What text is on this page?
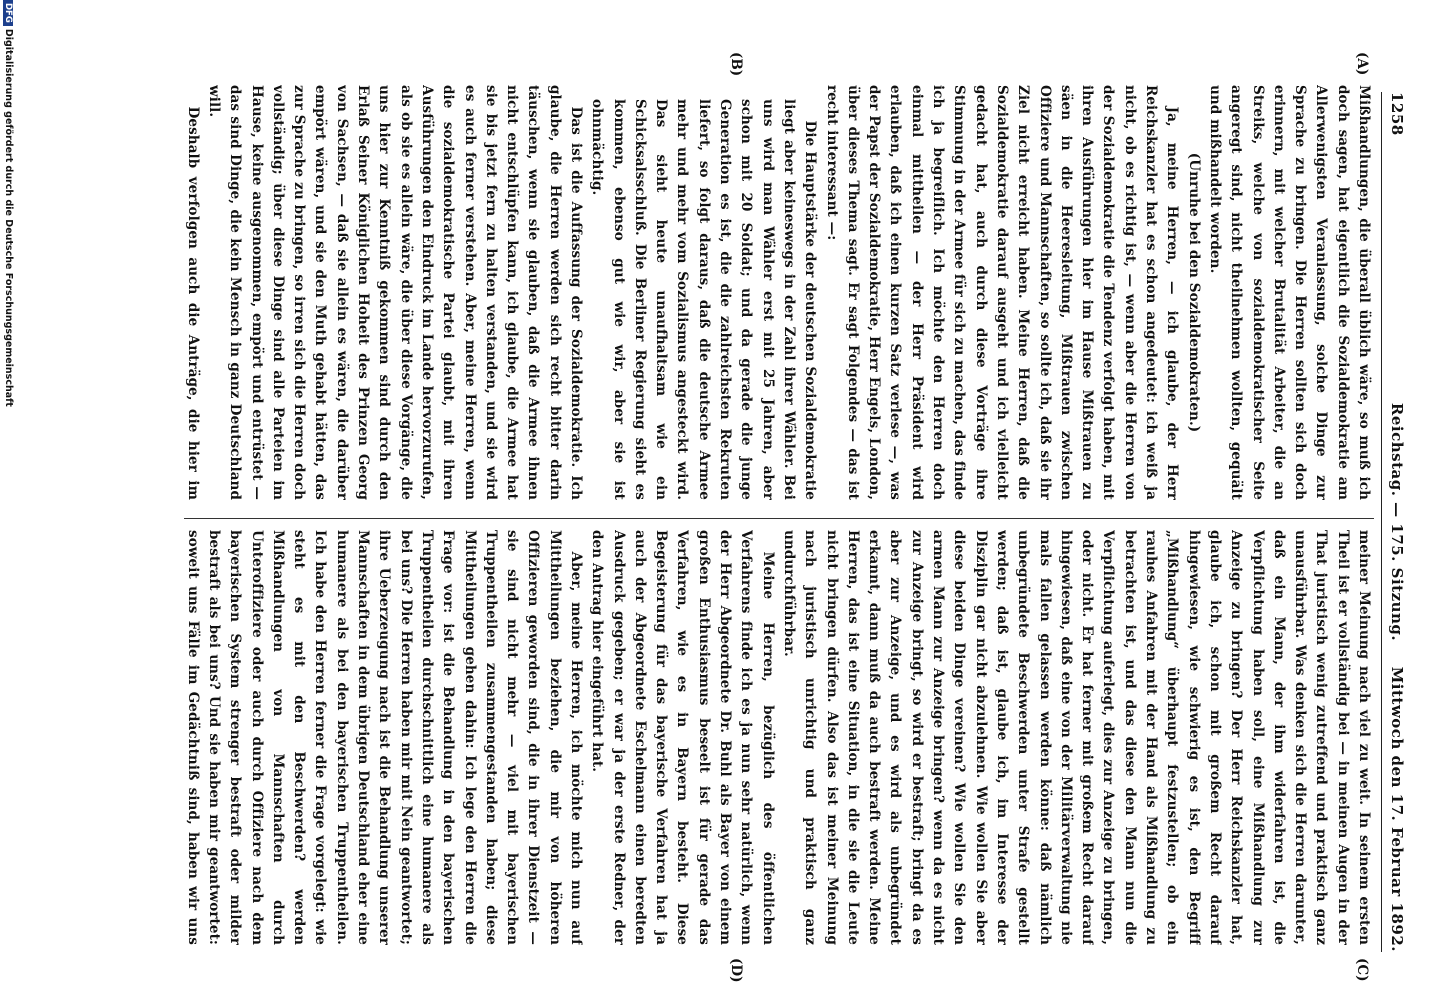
1258
Reichstag. — 175. Sitzung.
Mittwoch den 17. Februar 1892.
(A)
(B)
(C)
(D)

Mißhandlungen, die überall üblich wäre, so muß ich doch sagen, hat eigentlich die Sozialdemokratie am Allerwenigsten Veranlassung, solche Dinge zur Sprache zu bringen. Die Herren sollten sich doch erinnern, mit welcher Brutalität Arbeiter, die an Streiks, welche von sozialdemokratischer Seite angeregt sind, nicht theilnehmen wollten, gequält und mißhandelt worden.

(Unruhe bei den Sozialdemokraten.)

Ja, meine Herren, — ich glaube, der Herr Reichskanzler hat es schon angedeutet: ich weiß ja nicht, ob es richtig ist, — wenn aber die Herren von der Sozialdemokratie die Tendenz verfolgt haben, mit ihren Ausführungen hier im Hause Mißtrauen zu säen in die Heeresleitung, Mißtrauen zwischen Offiziere und Mannschaften, so sollte ich, daß sie ihr Ziel nicht erreicht haben. Meine Herren, daß die Sozialdemokratie darauf ausgeht und ich vielleicht gedacht hat, auch durch diese Vorträge ihre Stimmung in der Armee für sich zu machen, das finde ich ja begreiflich. Ich möchte den Herren doch einmal mittheilen — der Herr Präsident wird erlauben, daß ich einen kurzen Satz verlese —, was der Papst der Sozialdemokratie, Herr Engels, London, über dieses Thema sagt. Er sagt Folgendes — das ist recht interessant —:

Die Hauptstärke der deutschen Sozialdemokratie liegt aber keineswegs in der Zahl ihrer Wähler. Bei uns wird man Wähler erst mit 25 Jahren, aber schon mit 20 Soldat; und da gerade die junge Generation es ist, die die zahlreichsten Rekruten liefert, so folgt daraus, daß die deutsche Armee mehr und mehr vom Sozialismus angesteckt wird. Das sieht heute unaufhaltsam wie ein Schicksalsschluß. Die Berliner Regierung sieht es kommen, ebenso gut wie wir, aber sie ist ohnmächtig.

Das ist die Auffassung der Sozialdemokratie. Ich glaube, die Herren werden sich recht bitter darin täuschen, wenn sie glauben, daß die Armee ihnen nicht entschlüpfen kann, ich glaube, die Armee hat sie bis jetzt fern zu halten verstanden, und sie wird es auch ferner verstehen. Aber, meine Herren, wenn die sozialdemokratische Partei glaubt, mit ihren Ausführungen den Eindruck im Lande hervorzurufen, als ob sie es allein wäre, die über diese Vorgänge, die uns hier zur Kenntniß gekommen sind durch den Erlaß Seiner Königlichen Hoheit des Prinzen Georg von Sachsen, — daß sie allein es wären, die darüber empört wären, und sie den Muth gehabt hätten, das zur Sprache zu bringen, so irren sich die Herren doch vollständig; über diese Dinge sind alle Parteien im Hause, keine ausgenommen, empört und entrüstet — das sind Dinge, die kein Mensch in ganz Deutschland will.

Deshalb verfolgen auch die Anträge, die hier im

meiner Meinung nach viel zu weit. In seinem ersten Theil ist er vollständig bei — in meinen Augen in der That juristisch wenig zutreffend und praktisch ganz unausführbar. Was denken sich die Herren darunter, daß ein Mann, der ihm widerfahren ist, die Verpflichtung haben soll, eine Mißhandlung zur Anzeige zu bringen? Der Herr Reichskanzler hat, glaube ich, schon mit großem Recht darauf hingewiesen, wie schwierig es ist, den Begriff „Mißhandlung“ überhaupt festzustellen; ob ein rauhes Anfahren mit der Hand als Mißhandlung zu betrachten ist, und das diese den Mann nun die Verpflichtung auferlegt, dies zur Anzeige zu bringen, oder nicht. Er hat ferner mit großem Recht darauf hingewiesen, daß eine von der Militärverwaltung nie mals fallen gelassen werden könne: daß nämlich unbegründete Beschwerden unter Strafe gestellt werden; daß ist, glaube ich, im Interesse der Disziplin gar nicht abzulehnen. Wie wollen Sie aber diese beiden Dinge vereinen? Wie wollen Sie den armen Mann zur Anzeige bringen? wenn da es nicht zur Anzeige bringt, so wird er bestraft; bringt da es aber zur Anzeige, und es wird als unbegründet erkannt, dann muß da auch bestraft werden. Meine Herren, das ist eine Situation, in die sie die Leute nicht bringen dürfen. Also das ist meiner Meinung nach juristisch unrichtig und praktisch ganz undurchführbar.

Meine Herren, bezüglich des öffentlichen Verfahrens finde ich es ja nun sehr natürlich, wenn der Herr Abgeordnete Dr. Buhl als Bayer von einem großen Enthusiasmus beseelt ist für gerade das Verfahren, wie es in Bayern besteht. Diese Begeisterung für das bayerische Verfahren hat ja auch der Abgeordnete Eschelmann einen beredten Ausdruck gegeben; er war ja der erste Redner, der den Antrag hier eingeführt hat.

Aber, meine Herren, ich möchte mich nun auf Mittheilungen beziehen, die mir von höheren Offizieren geworden sind, die in ihrer Dienstzeit — sie sind nicht mehr — viel mit bayerischen Truppentheilen zusammengestanden haben; diese Mittheilungen gehen dahin: Ich lege den Herren die Frage vor: ist die Behandlung in den bayerischen Truppentheilen durchschnittlich eine humanere als bei uns? Die Herren haben mir mit Nein geantwortet; ihre Ueberzeugung nach ist die Behandlung unserer Mannschaften in dem übrigen Deutschland eher eine humanere als bei den bayerischen Truppentheilen. Ich habe den Herren ferner die Frage vorgelegt: wie steht es mit den Beschwerden? werden Mißhandlungen von Mannschaften durch Unteroffiziere oder auch durch Offiziere nach dem bayerischen System strenger bestraft oder milder bestraft als bei uns? Und sie haben mir geantwortet: soweit uns Fälle im Gedächtniß sind, haben wir uns

DFGDigitalisierung gefördert durch die Deutsche Forschungsgemeinschaft
